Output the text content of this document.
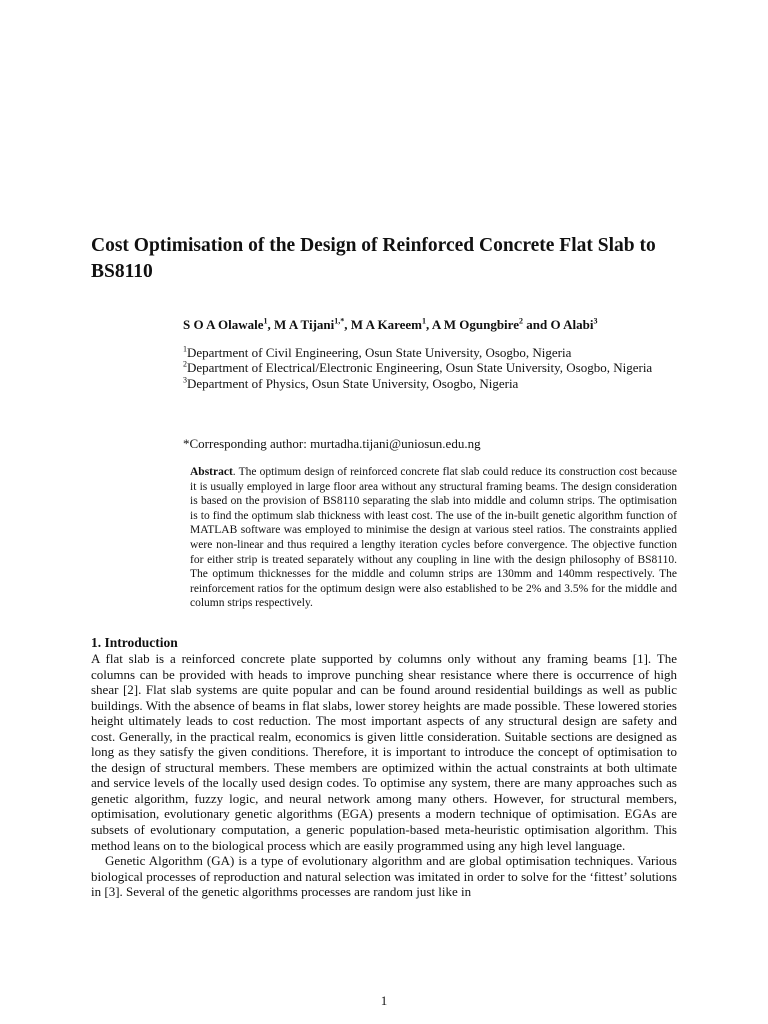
Cost Optimisation of the Design of Reinforced Concrete Flat Slab to BS8110
S O A Olawale$^1$, M A Tijani$^{1,*}$, M A Kareem$^1$, A M Ogungbire$^2$ and O Alabi$^3$
$^1$Department of Civil Engineering, Osun State University, Osogbo, Nigeria
$^2$Department of Electrical/Electronic Engineering, Osun State University, Osogbo, Nigeria
$^3$Department of Physics, Osun State University, Osogbo, Nigeria
*Corresponding author: murtadha.tijani@uniosun.edu.ng
Abstract. The optimum design of reinforced concrete flat slab could reduce its construction cost because it is usually employed in large floor area without any structural framing beams. The design consideration is based on the provision of BS8110 separating the slab into middle and column strips. The optimisation is to find the optimum slab thickness with least cost. The use of the in-built genetic algorithm function of MATLAB software was employed to minimise the design at various steel ratios. The constraints applied were non-linear and thus required a lengthy iteration cycles before convergence. The objective function for either strip is treated separately without any coupling in line with the design philosophy of BS8110. The optimum thicknesses for the middle and column strips are 130mm and 140mm respectively. The reinforcement ratios for the optimum design were also established to be 2% and 3.5% for the middle and column strips respectively.
1. Introduction

A flat slab is a reinforced concrete plate supported by columns only without any framing beams [1]. The columns can be provided with heads to improve punching shear resistance where there is occurrence of high shear [2]. Flat slab systems are quite popular and can be found around residential buildings as well as public buildings. With the absence of beams in flat slabs, lower storey heights are made possible. These lowered stories height ultimately leads to cost reduction. The most important aspects of any structural design are safety and cost. Generally, in the practical realm, economics is given little consideration. Suitable sections are designed as long as they satisfy the given conditions. Therefore, it is important to introduce the concept of optimisation to the design of structural members. These members are optimized within the actual constraints at both ultimate and service levels of the locally used design codes. To optimise any system, there are many approaches such as genetic algorithm, fuzzy logic, and neural network among many others. However, for structural members, optimisation, evolutionary genetic algorithms (EGA) presents a modern technique of optimisation. EGAs are subsets of evolutionary computation, a generic population-based meta-heuristic optimisation algorithm. This method leans on to the biological process which are easily programmed using any high level language.

Genetic Algorithm (GA) is a type of evolutionary algorithm and are global optimisation techniques. Various biological processes of reproduction and natural selection was imitated in order to solve for the ‘fittest’ solutions in [3]. Several of the genetic algorithms processes are random just like in

1
